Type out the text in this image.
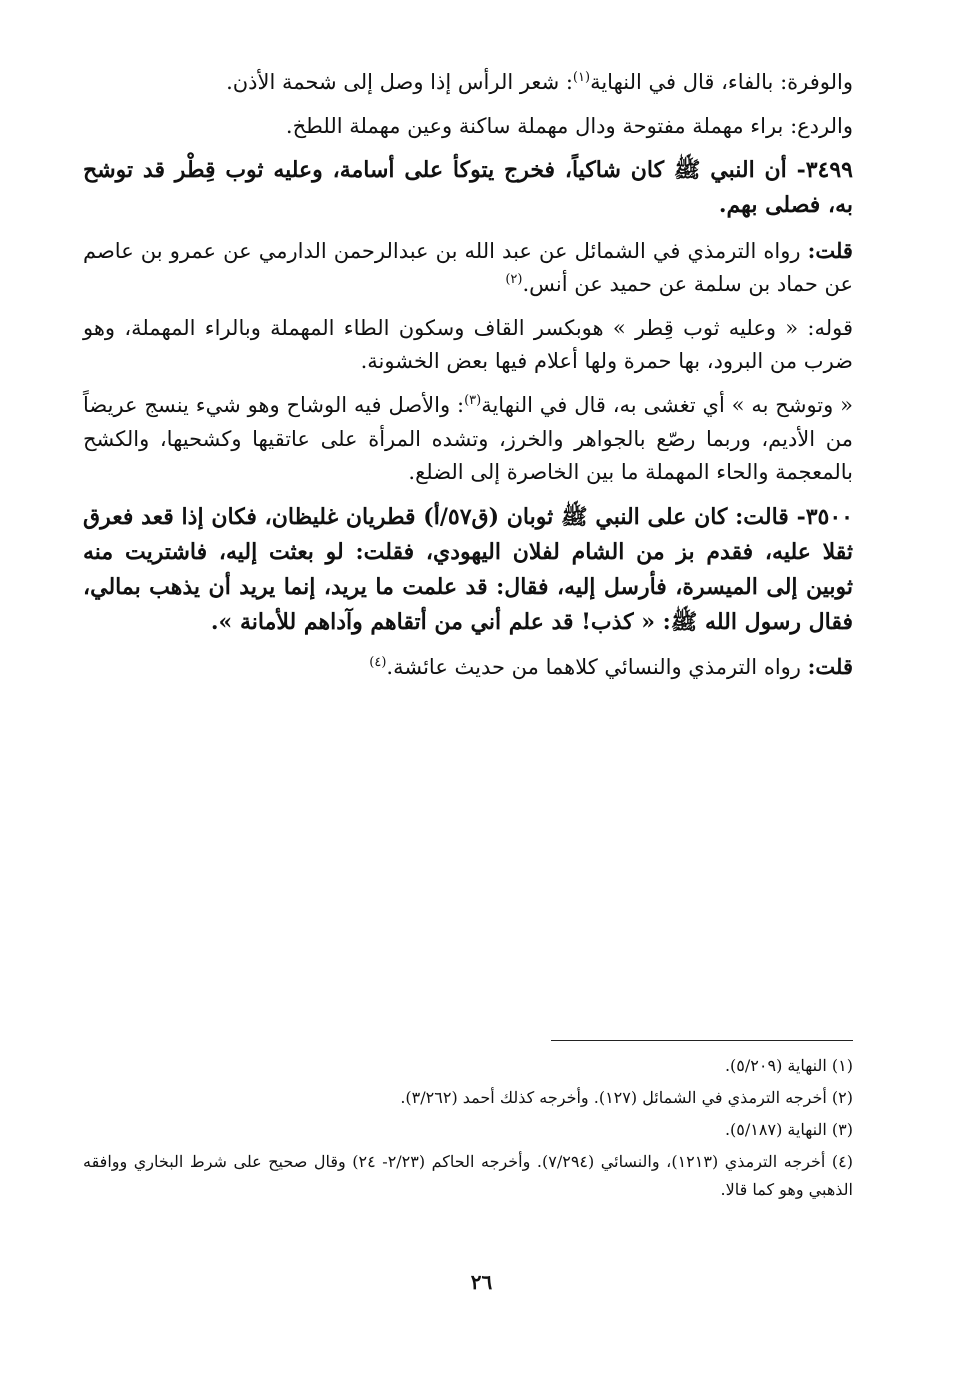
والوفرة: بالفاء، قال في النهاية$^{(١)}$: شعر الرأس إذا وصل إلى شحمة الأذن.

والردع: براء مهملة مفتوحة ودال مهملة ساكنة وعين مهملة اللطخ.

٣٤٩٩- أن النبي ﷺ كان شاكياً، فخرج يتوكأ على أسامة، وعليه ثوب قِطْر قد توشح به، فصلى بهم.

قلت: رواه الترمذي في الشمائل عن عبد الله بن عبدالرحمن الدارمي عن عمرو بن عاصم عن حماد بن سلمة عن حميد عن أنس.$^{(٢)}$

قوله: « وعليه ثوب قِطر » هوبكسر القاف وسكون الطاء المهملة وبالراء المهملة، وهو ضرب من البرود، بها حمرة ولها أعلام فيها بعض الخشونة.

« وتوشح به » أي تغشى به، قال في النهاية$^{(٣)}$: والأصل فيه الوشاح وهو شيء ينسج عريضاً من الأديم، وربما رصّع بالجواهر والخرز، وتشده المرأة على عاتقيها وكشحيها، والكشح بالمعجمة والحاء المهملة ما بين الخاصرة إلى الضلع.

٣٥٠٠- قالت: كان على النبي ﷺ ثوبان (ق٥٧/أ) قطريان غليظان، فكان إذا قعد فعرق ثقلا عليه، فقدم بز من الشام لفلان اليهودي، فقلت: لو بعثت إليه، فاشتريت منه ثوبين إلى الميسرة، فأرسل إليه، فقال: قد علمت ما يريد، إنما يريد أن يذهب بمالي، فقال رسول الله ﷺ: « كذب! قد علم أني من أتقاهم وآداهم للأمانة ».

قلت: رواه الترمذي والنسائي كلاهما من حديث عائشة.$^{(٤)}$

(١) النهاية (٥/٢٠٩).

(٢) أخرجه الترمذي في الشمائل (١٢٧). وأخرجه كذلك أحمد (٣/٢٦٢).

(٣) النهاية (٥/١٨٧).

(٤) أخرجه الترمذي (١٢١٣)، والنسائي (٧/٢٩٤). وأخرجه الحاكم (٢/٢٣- ٢٤) وقال صحيح على شرط البخاري ووافقه الذهبي وهو كما قالا.

٢٦
